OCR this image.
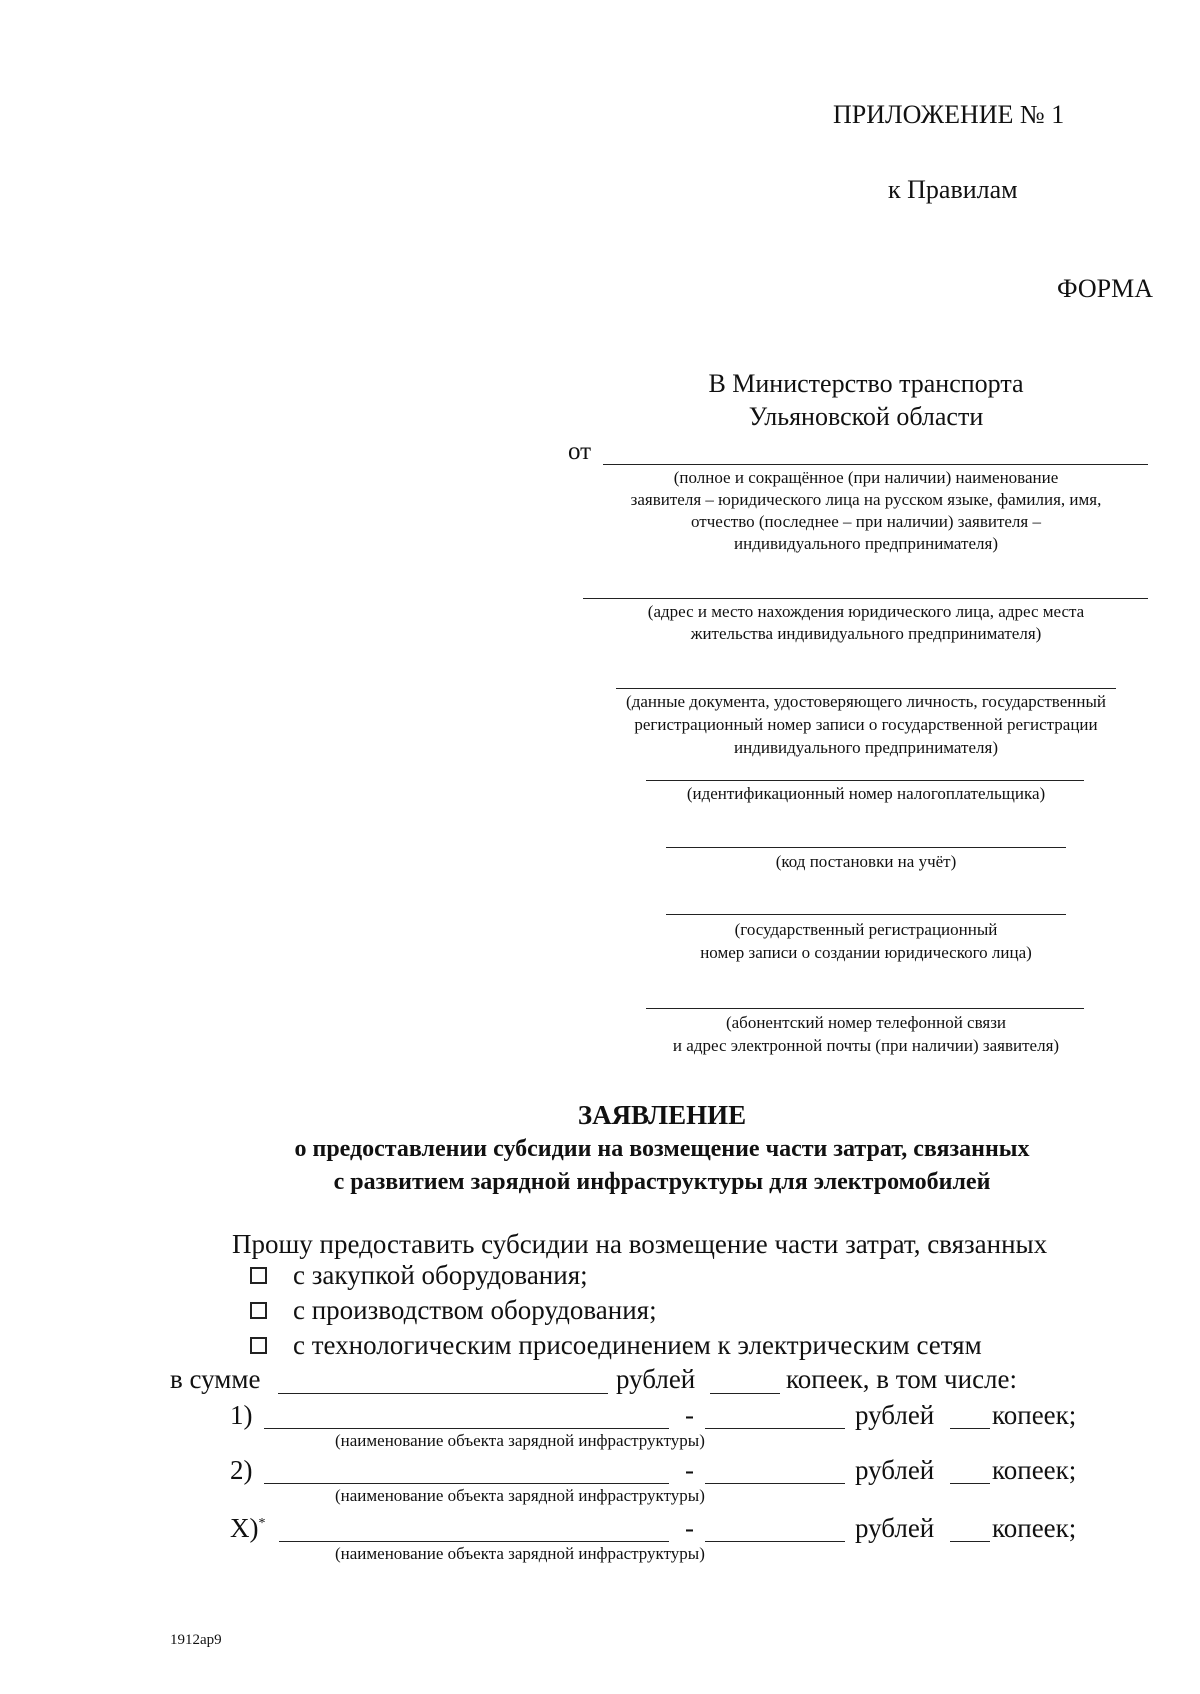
ПРИЛОЖЕНИЕ № 1
к Правилам
ФОРМА
В Министерство транспорта
Ульяновской области
от
(полное и сокращённое (при наличии) наименование
заявителя – юридического лица на русском языке, фамилия, имя,
отчество (последнее – при наличии) заявителя –
индивидуального предпринимателя)
(адрес и место нахождения юридического лица, адрес места
жительства индивидуального предпринимателя)
(данные документа, удостоверяющего личность, государственный
регистрационный номер записи о государственной регистрации
индивидуального предпринимателя)
(идентификационный номер налогоплательщика)
(код постановки на учёт)
(государственный регистрационный
номер записи о создании юридического лица)
(абонентский номер телефонной связи
и адрес электронной почты (при наличии) заявителя)
ЗАЯВЛЕНИЕ
о предоставлении субсидии на возмещение части затрат, связанных
с развитием зарядной инфраструктуры для электромобилей
Прошу предоставить субсидии на возмещение части затрат, связанных
с закупкой оборудования;
с производством оборудования;
с технологическим присоединением к электрическим сетям
в сумме	рублей	копеек, в том числе:
1)	-	рублей копеек;
(наименование объекта зарядной инфраструктуры)
2)	-	рублей копеек;
(наименование объекта зарядной инфраструктуры)
X)*	-	рублей копеек;
(наименование объекта зарядной инфраструктуры)
1912ap9
